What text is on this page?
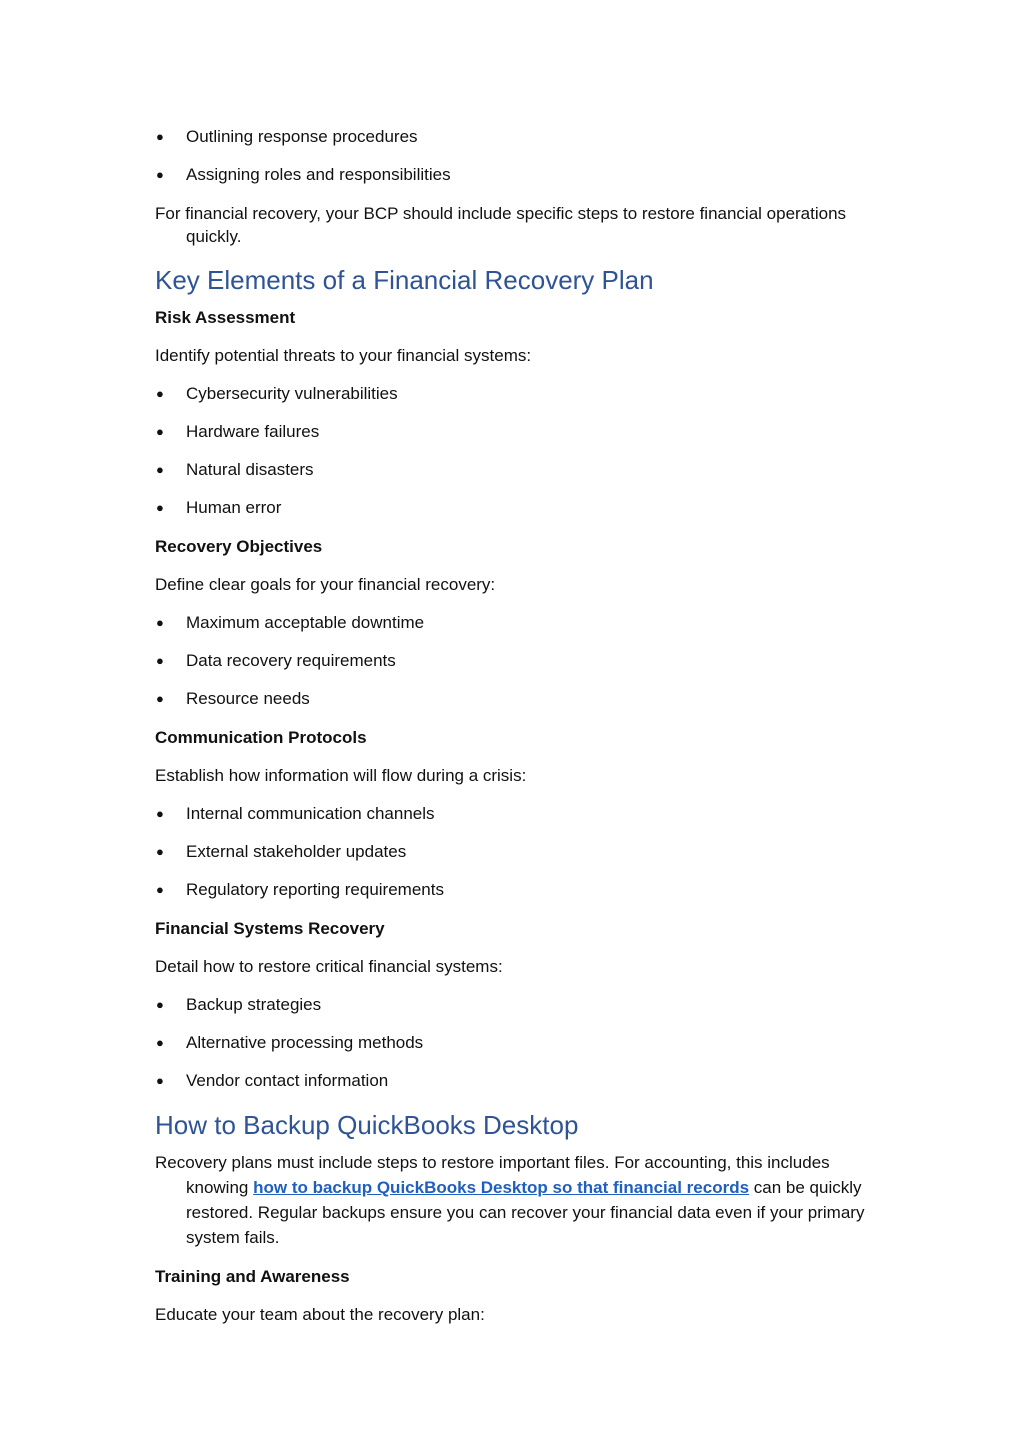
● Outlining response procedures
● Assigning roles and responsibilities
For financial recovery, your BCP should include specific steps to restore financial operations
quickly.
Key Elements of a Financial Recovery Plan
Risk Assessment
Identify potential threats to your financial systems:
● Cybersecurity vulnerabilities
● Hardware failures
● Natural disasters
● Human error
Recovery Objectives
Define clear goals for your financial recovery:
● Maximum acceptable downtime
● Data recovery requirements
● Resource needs
Communication Protocols
Establish how information will flow during a crisis:
● Internal communication channels
● External stakeholder updates
● Regulatory reporting requirements
Financial Systems Recovery
Detail how to restore critical financial systems:
● Backup strategies
● Alternative processing methods
● Vendor contact information
How to Backup QuickBooks Desktop
Recovery plans must include steps to restore important files. For accounting, this includes
knowing how to backup QuickBooks Desktop so that financial records can be quickly
restored. Regular backups ensure you can recover your financial data even if your primary
system fails.
Training and Awareness
Educate your team about the recovery plan:
